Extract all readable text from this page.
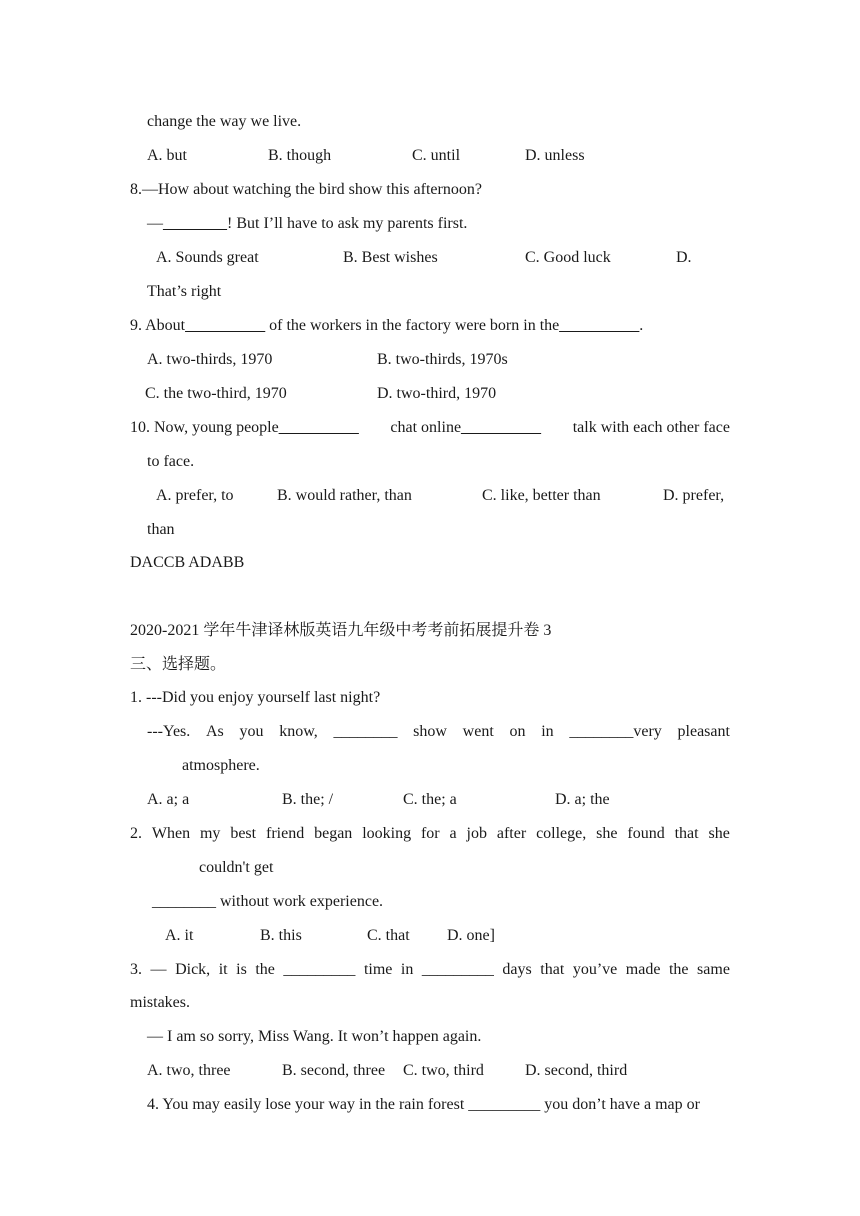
change the way we live.
A. but	B. though	C. until	D. unless
8.—How about watching the bird show this afternoon?
—________! But I’ll have to ask my parents first.
A. Sounds great	B. Best wishes	C. Good luck	D.
That’s right
9. About__________ of the workers in the factory were born in the__________.
A. two-thirds, 1970	B. two-thirds, 1970s
C. the two-third, 1970	D. two-third, 1970
10. Now, young people__________ chat online__________ talk with each other face
to face.
A. prefer, to	B. would rather, than	C. like, better than	D. prefer,
than
DACCB ADABB
2020-2021 学年牛津译林版英语九年级中考考前拓展提升卷 3
三、选择题。
1. ---Did you enjoy yourself last night?
---Yes. As you know, ________ show went on in ________very pleasant
atmosphere.
A. a; a	B. the; /	C. the; a	D. a; the
2. When my best friend began looking for a job after college, she found that she
couldn't get
________ without work experience.
A. it	B. this	C. that D. one]
3. — Dick, it is the _________ time in _________ days that you’ve made the same
mistakes.
— I am so sorry, Miss Wang. It won’t happen again.
A. two, three	B. second, three C. two, third	D. second, third
4. You may easily lose your way in the rain forest _________ you don’t have a map or
